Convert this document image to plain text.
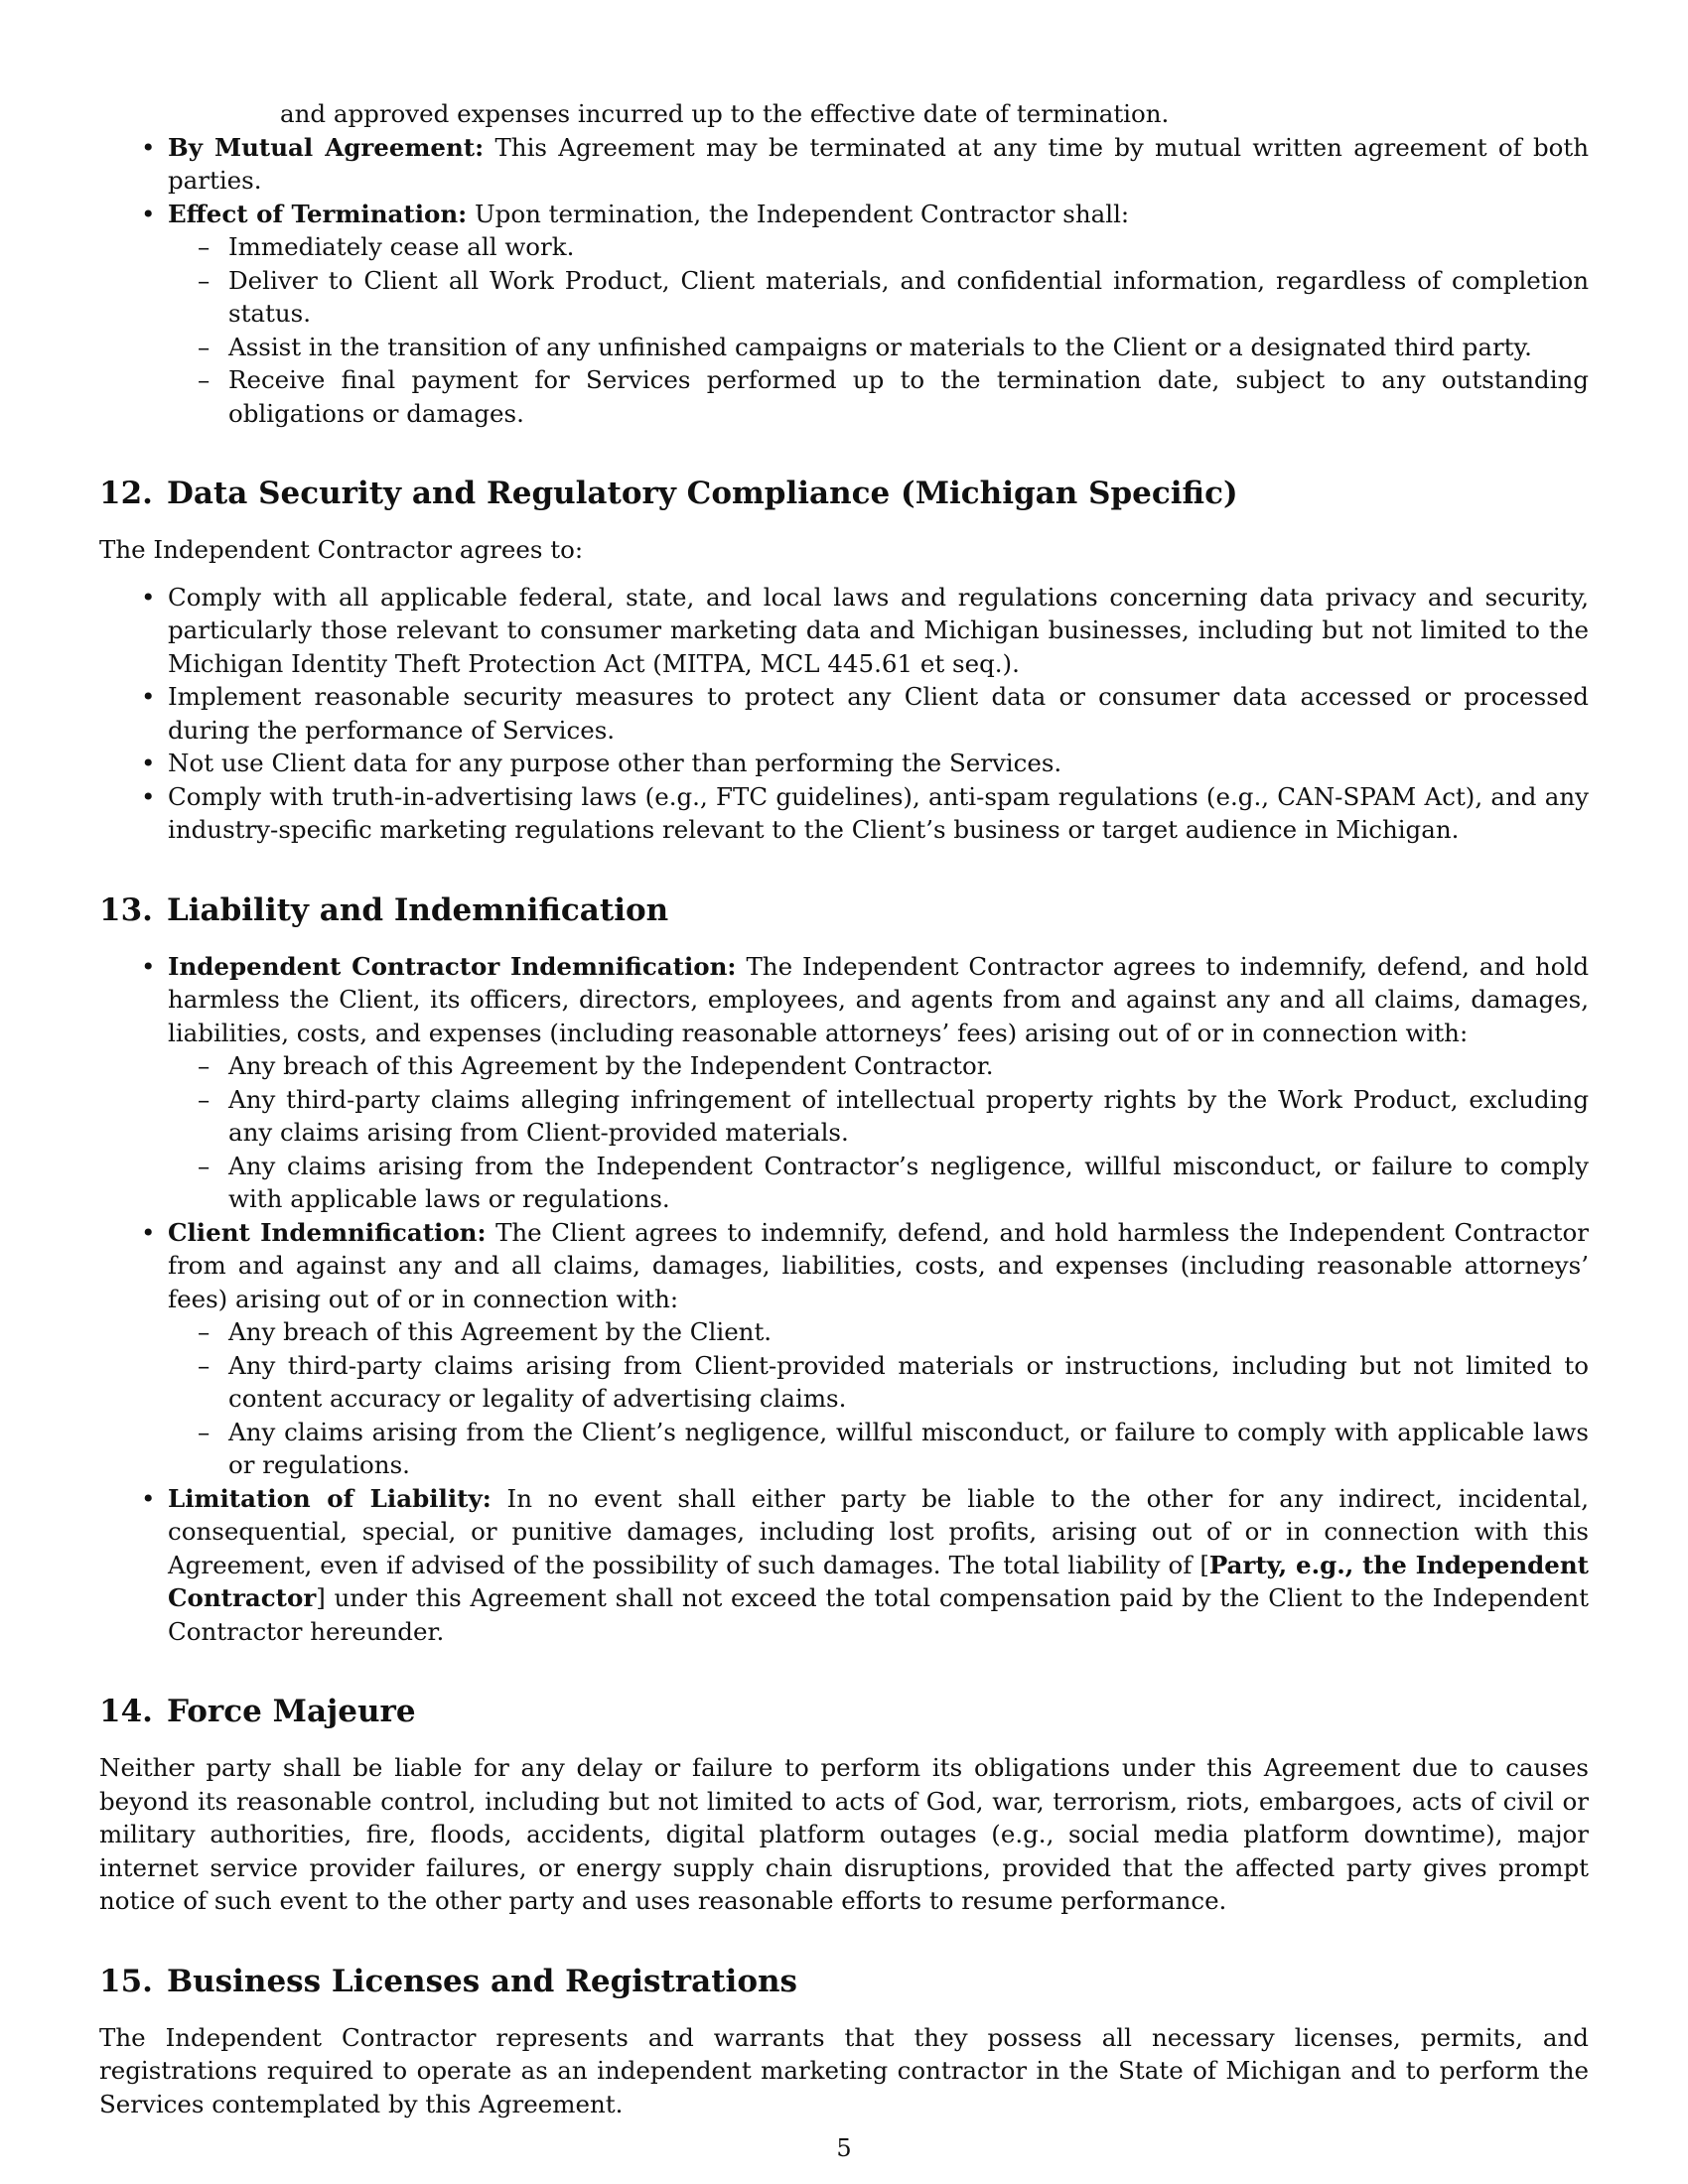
and approved expenses incurred up to the effective date of termination.

• By Mutual Agreement: This Agreement may be terminated at any time by mutual written agreement of both parties.
• Effect of Termination: Upon termination, the Independent Contractor shall:
– Immediately cease all work.
– Deliver to Client all Work Product, Client materials, and confidential information, regardless of completion status.
– Assist in the transition of any unfinished campaigns or materials to the Client or a designated third party.
– Receive final payment for Services performed up to the termination date, subject to any outstanding obligations or damages.
12. Data Security and Regulatory Compliance (Michigan Specific)

The Independent Contractor agrees to:

• Comply with all applicable federal, state, and local laws and regulations concerning data privacy and security, particularly those relevant to consumer marketing data and Michigan businesses, including but not limited to the Michigan Identity Theft Protection Act (MITPA, MCL 445.61 et seq.).
• Implement reasonable security measures to protect any Client data or consumer data accessed or processed during the performance of Services.
• Not use Client data for any purpose other than performing the Services.
• Comply with truth-in-advertising laws (e.g., FTC guidelines), anti-spam regulations (e.g., CAN-SPAM Act), and any industry-specific marketing regulations relevant to the Client’s business or target audience in Michigan.
13. Liability and Indemnification
• Independent Contractor Indemnification: The Independent Contractor agrees to indemnify, defend, and hold harmless the Client, its officers, directors, employees, and agents from and against any and all claims, damages, liabilities, costs, and expenses (including reasonable attorneys’ fees) arising out of or in connection with:
– Any breach of this Agreement by the Independent Contractor.
– Any third-party claims alleging infringement of intellectual property rights by the Work Product, excluding any claims arising from Client-provided materials.
– Any claims arising from the Independent Contractor’s negligence, willful misconduct, or failure to comply with applicable laws or regulations.
• Client Indemnification: The Client agrees to indemnify, defend, and hold harmless the Independent Contractor from and against any and all claims, damages, liabilities, costs, and expenses (including reasonable attorneys’ fees) arising out of or in connection with:
– Any breach of this Agreement by the Client.
– Any third-party claims arising from Client-provided materials or instructions, including but not limited to content accuracy or legality of advertising claims.
– Any claims arising from the Client’s negligence, willful misconduct, or failure to comply with applicable laws or regulations.
• Limitation of Liability: In no event shall either party be liable to the other for any indirect, incidental, consequential, special, or punitive damages, including lost profits, arising out of or in connection with this Agreement, even if advised of the possibility of such damages. The total liability of [Party, e.g., the Independent Contractor] under this Agreement shall not exceed the total compensation paid by the Client to the Independent Contractor hereunder.
14. Force Majeure

Neither party shall be liable for any delay or failure to perform its obligations under this Agreement due to causes beyond its reasonable control, including but not limited to acts of God, war, terrorism, riots, embargoes, acts of civil or military authorities, fire, floods, accidents, digital platform outages (e.g., social media platform downtime), major internet service provider failures, or energy supply chain disruptions, provided that the affected party gives prompt notice of such event to the other party and uses reasonable efforts to resume performance.

15. Business Licenses and Registrations

The Independent Contractor represents and warrants that they possess all necessary licenses, permits, and registrations required to operate as an independent marketing contractor in the State of Michigan and to perform the Services contemplated by this Agreement.

5
